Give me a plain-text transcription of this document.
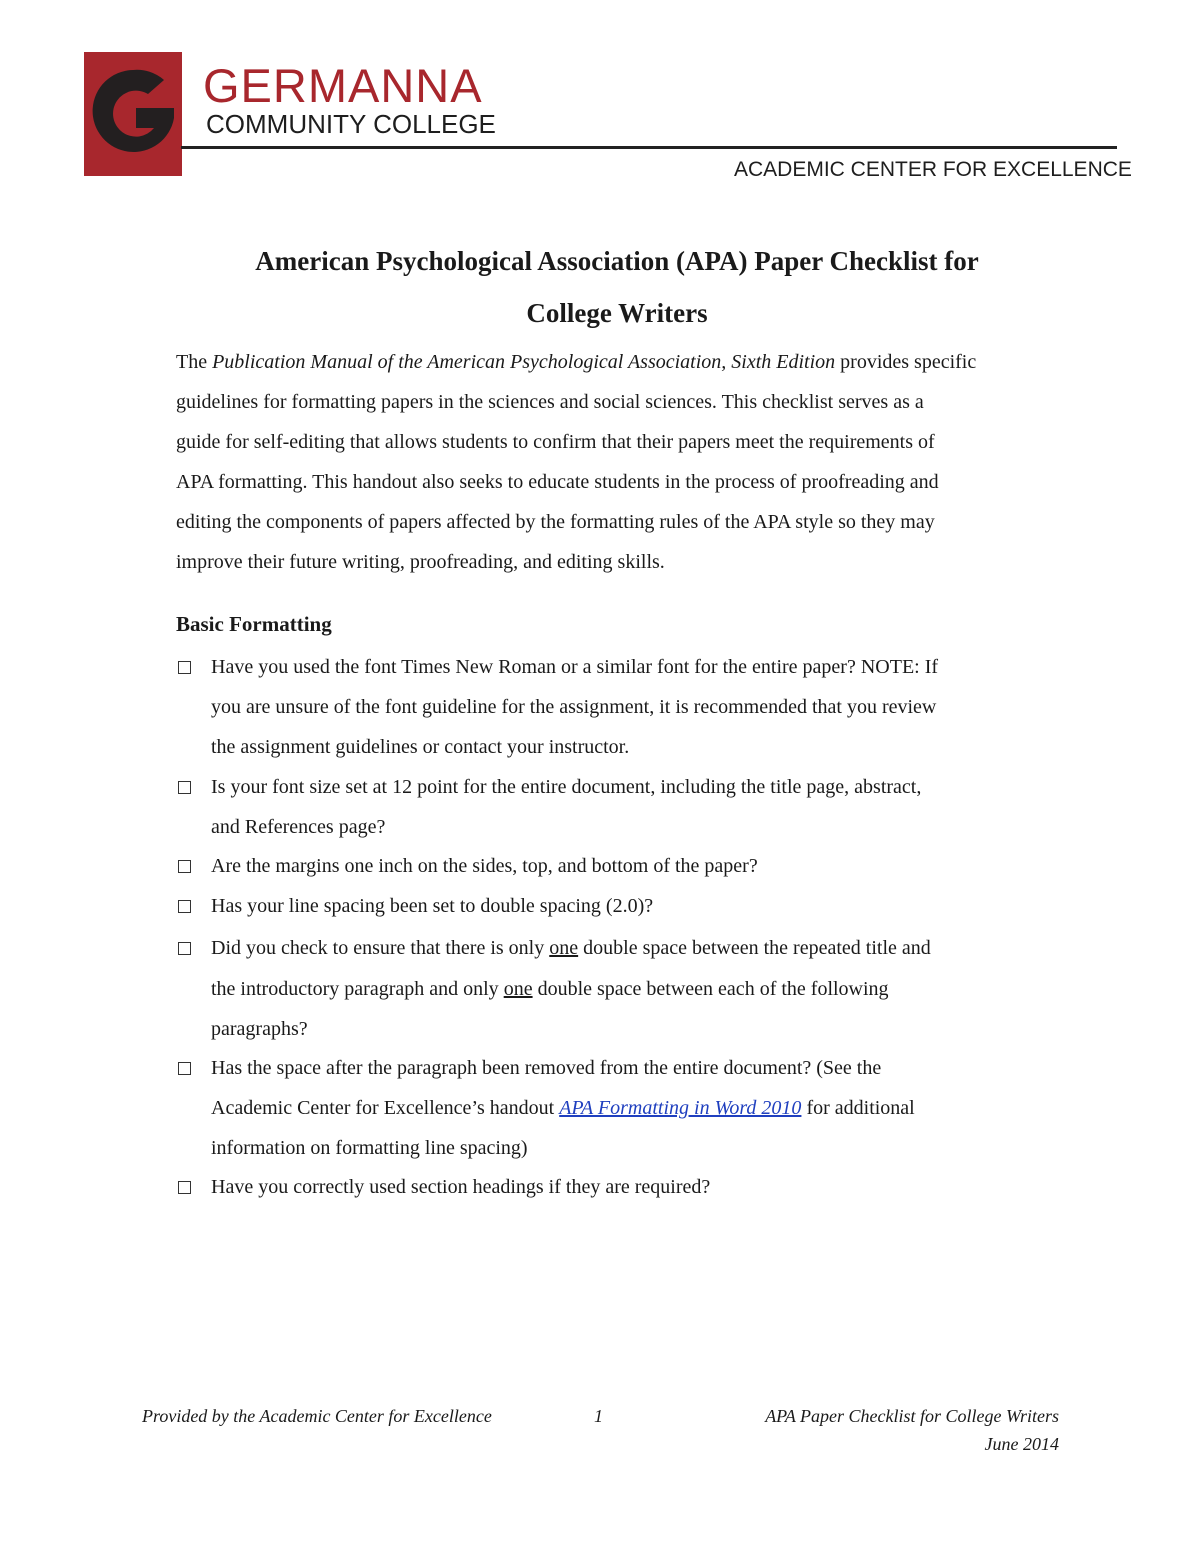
GERMANNA
COMMUNITY COLLEGE
ACADEMIC CENTER FOR EXCELLENCE
American Psychological Association (APA) Paper Checklist for
College Writers
The Publication Manual of the American Psychological Association, Sixth Edition provides specific
guidelines for formatting papers in the sciences and social sciences. This checklist serves as a
guide for self-editing that allows students to confirm that their papers meet the requirements of
APA formatting. This handout also seeks to educate students in the process of proofreading and
editing the components of papers affected by the formatting rules of the APA style so they may
improve their future writing, proofreading, and editing skills.
Basic Formatting
Have you used the font Times New Roman or a similar font for the entire paper? NOTE: If
you are unsure of the font guideline for the assignment, it is recommended that you review
the assignment guidelines or contact your instructor.
Is your font size set at 12 point for the entire document, including the title page, abstract,
and References page?
Are the margins one inch on the sides, top, and bottom of the paper?
Has your line spacing been set to double spacing (2.0)?
Did you check to ensure that there is only one double space between the repeated title and
the introductory paragraph and only one double space between each of the following
paragraphs?
Has the space after the paragraph been removed from the entire document? (See the
Academic Center for Excellence’s handout APA Formatting in Word 2010 for additional
information on formatting line spacing)
Have you correctly used section headings if they are required?
Provided by the Academic Center for Excellence	1	APA Paper Checklist for College Writers
June 2014
